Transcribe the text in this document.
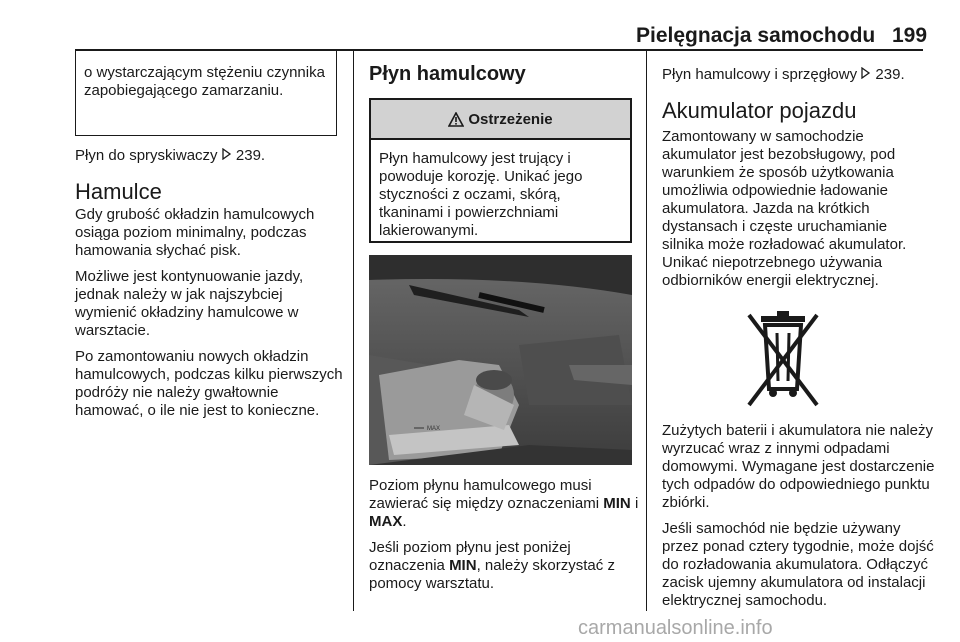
Pielęgnacja samochodu 199
o wystarczającym stężeniu czynnika zapobiegającego zamarzaniu.

Płyn do spryskiwaczy 239.

Hamulce

Gdy grubość okładzin hamulcowych osiąga poziom minimalny, podczas hamowania słychać pisk.

Możliwe jest kontynuowanie jazdy, jednak należy w jak najszybciej wymienić okładziny hamulcowe w warsztacie.

Po zamontowaniu nowych okładzin hamulcowych, podczas kilku pierwszych podróży nie należy gwałtownie hamować, o ile nie jest to konieczne.

Płyn hamulcowy
Ostrzeżenie
Płyn hamulcowy jest trujący i powoduje korozję. Unikać jego styczności z oczami, skórą, tkaninami i powierzchniami lakierowanymi.
MAX

Poziom płynu hamulcowego musi zawierać się między oznaczeniami MIN i MAX.

Jeśli poziom płynu jest poniżej oznaczenia MIN, należy skorzystać z pomocy warsztatu.

Płyn hamulcowy i sprzęgłowy 239.

Akumulator pojazdu

Zamontowany w samochodzie akumulator jest bezobsługowy, pod warunkiem że sposób użytkowania umożliwia odpowiednie ładowanie akumulatora. Jazda na krótkich dystansach i częste uruchamianie silnika może rozładować akumulator. Unikać niepotrzebnego używania odbiorników energii elektrycznej.

Zużytych baterii i akumulatora nie należy wyrzucać wraz z innymi odpadami domowymi. Wymagane jest dostarczenie tych odpadów do odpowiedniego punktu zbiórki.

Jeśli samochód nie będzie używany przez ponad cztery tygodnie, może dojść do rozładowania akumulatora. Odłączyć zacisk ujemny akumulatora od instalacji elektrycznej samochodu.

carmanualsonline.info
